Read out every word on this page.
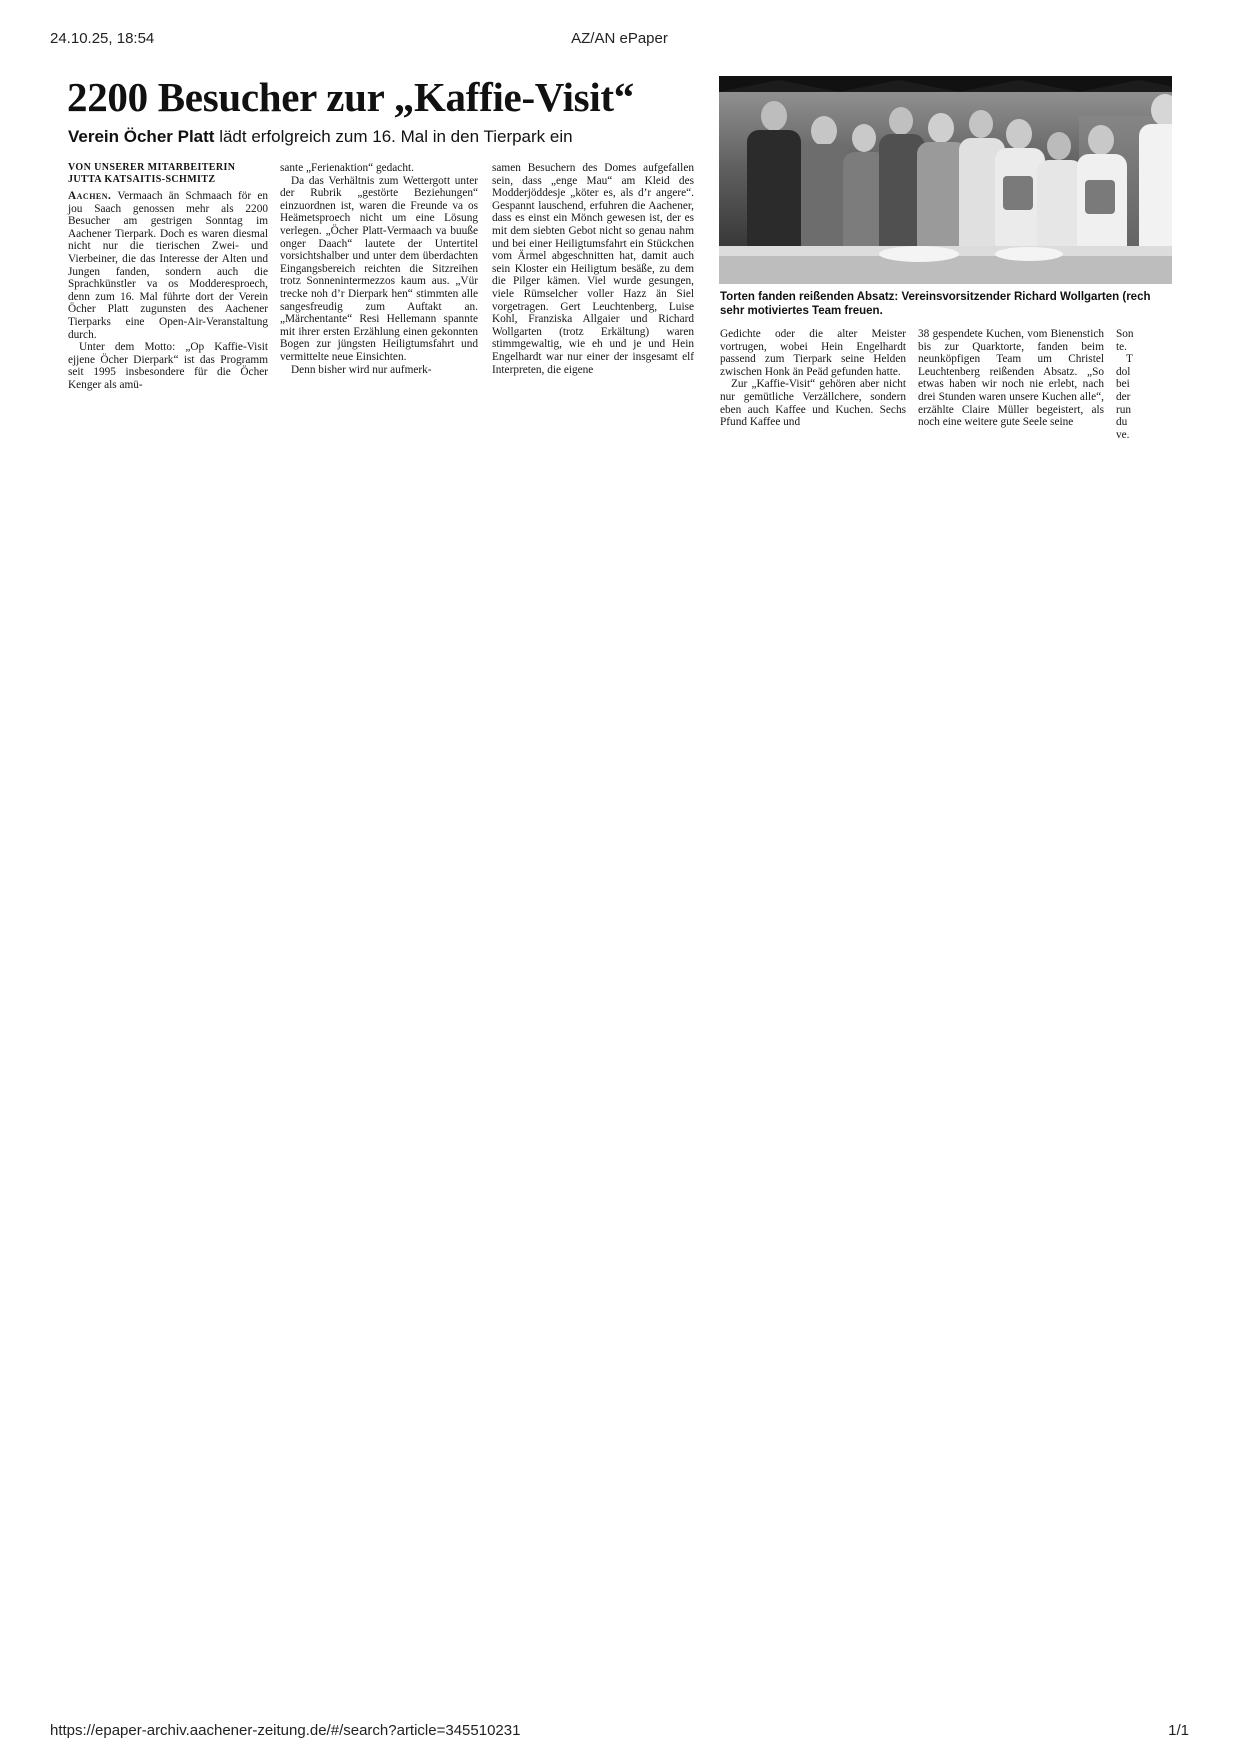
24.10.25, 18:54	AZ/AN ePaper
2200 Besucher zur „Kaffie-Visit“

Verein Öcher Platt lädt erfolgreich zum 16. Mal in den Tierpark ein

VON UNSERER MITARBEITERIN
JUTTA KATSAITIS-SCHMITZ

Aachen. Vermaach än Schmaach för en jou Saach genossen mehr als 2200 Besucher am gestrigen Sonntag im Aachener Tierpark. Doch es waren diesmal nicht nur die tierischen Zwei- und Vierbeiner, die das Interesse der Alten und Jungen fanden, sondern auch die Sprachkünstler va os Modderesproech, denn zum 16. Mal führte dort der Verein Öcher Platt zugunsten des Aachener Tierparks eine Open-Air-Veranstaltung durch.

Unter dem Motto: „Op Kaffie-Visit ejjene Öcher Dierpark“ ist das Programm seit 1995 insbesondere für die Öcher Kenger als amü-

sante „Ferienaktion“ gedacht.

Da das Verhältnis zum Wettergott unter der Rubrik „gestörte Beziehungen“ einzuordnen ist, waren die Freunde va os Heämetsproech nicht um eine Lösung verlegen. „Öcher Platt-Vermaach va buuße onger Daach“ lautete der Untertitel vorsichtshalber und unter dem überdachten Eingangsbereich reichten die Sitzreihen trotz Sonnenintermezzos kaum aus. „Vür trecke noh d’r Dierpark hen“ stimmten alle sangesfreudig zum Auftakt an. „Märchentante“ Resi Hellemann spannte mit ihrer ersten Erzählung einen gekonnten Bogen zur jüngsten Heiligtumsfahrt und vermittelte neue Einsichten.

Denn bisher wird nur aufmerk-

samen Besuchern des Domes aufgefallen sein, dass „enge Mau“ am Kleid des Modderjöddesje „köter es, als d’r angere“. Gespannt lauschend, erfuhren die Aachener, dass es einst ein Mönch gewesen ist, der es mit dem siebten Gebot nicht so genau nahm und bei einer Heiligtumsfahrt ein Stückchen vom Ärmel abgeschnitten hat, damit auch sein Kloster ein Heiligtum besäße, zu dem die Pilger kämen. Viel wurde gesungen, viele Rümselcher voller Hazz än Siel vorgetragen. Gert Leuchtenberg, Luise Kohl, Franziska Allgaier und Richard Wollgarten (trotz Erkältung) waren stimmgewaltig, wie eh und je und Hein Engelhardt war nur einer der insgesamt elf Interpreten, die eigene

Torten fanden reißenden Absatz: Vereinsvorsitzender Richard Wollgarten (rech
sehr motiviertes Team freuen.

Gedichte oder die alter Meister vortrugen, wobei Hein Engelhardt passend zum Tierpark seine Helden zwischen Honk än Peäd gefunden hatte.

Zur „Kaffie-Visit“ gehören aber nicht nur gemütliche Verzällchere, sondern eben auch Kaffee und Kuchen. Sechs Pfund Kaffee und

38 gespendete Kuchen, vom Bienenstich bis zur Quarktorte, fanden beim neunköpfigen Team um Christel Leuchtenberg reißenden Absatz. „So etwas haben wir noch nie erlebt, nach drei Stunden waren unsere Kuchen alle“, erzählte Claire Müller begeistert, als noch eine weitere gute Seele seine

Son
te.
T
dol
bei
der
run
du
ve.
https://epaper-archiv.aachener-zeitung.de/#/search?article=345510231	1/1
